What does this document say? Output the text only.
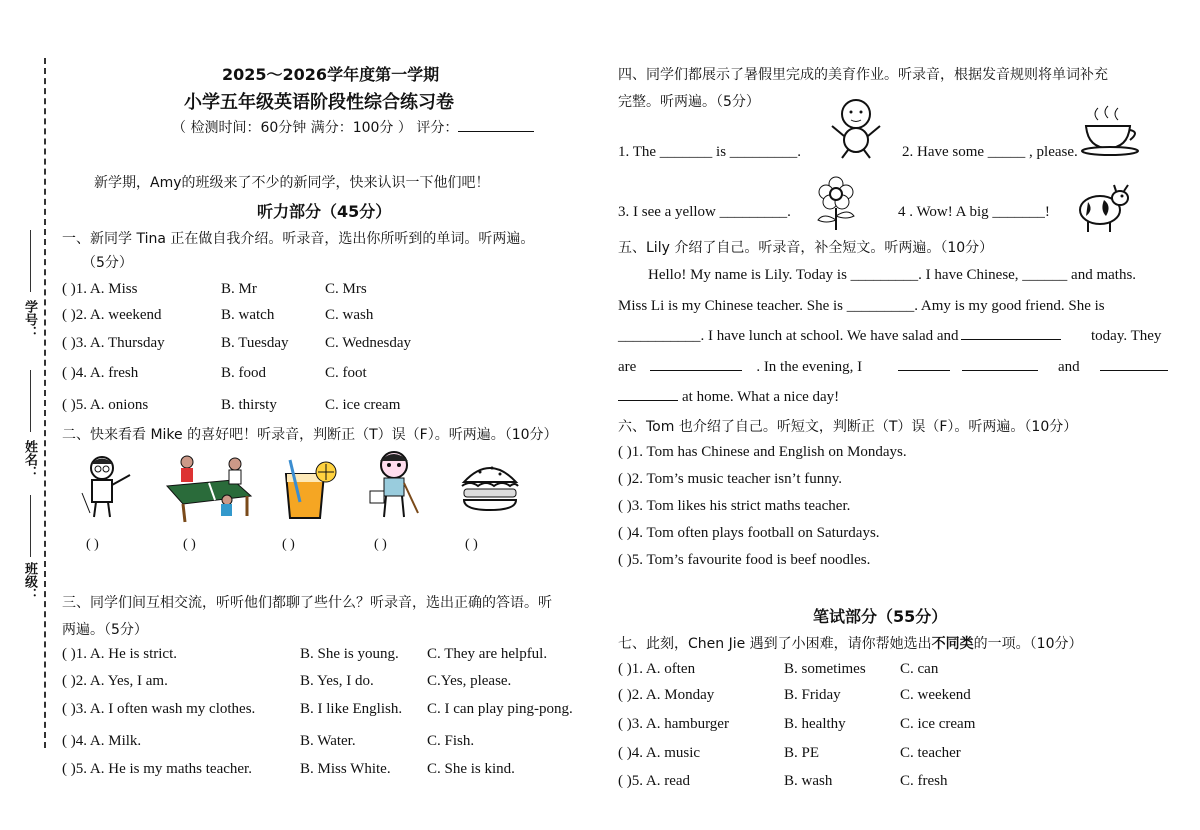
学号：
姓名：
班级：
2025～2026学年度第一学期
小学五年级英语阶段性综合练习卷
（ 检测时间：60分钟 满分：100分 ） 评分：
新学期，Amy的班级来了不少的新同学，快来认识一下他们吧！
听力部分（45分）
一、新同学 Tina 正在做自我介绍。听录音，选出你所听到的单词。听两遍。
（5分）
( )1. A. Miss	B. Mr	C. Mrs
( )2. A. weekend	B. watch	C. wash
( )3. A. Thursday	B. Tuesday C. Wednesday
( )4. A. fresh	B. food	C. foot
( )5. A. onions	B. thirsty	C. ice cream
二、快来看看 Mike 的喜好吧！听录音，判断正（T）误（F）。听两遍。（10分）
( )	( )	( )	( )	( )
三、同学们间互相交流，听听他们都聊了些什么？听录音，选出正确的答语。听
两遍。（5分）
( )1. A. He is strict.	B. She is young. C. They are helpful.
( )2. A. Yes, I am.	B. Yes, I do.	C.Yes, please.
( )3. A. I often wash my clothes.	B. I like English. C. I can play ping-pong.
( )4. A. Milk.	B. Water.	C. Fish.
( )5. A. He is my maths teacher.	B. Miss White. C. She is kind.
四、同学们都展示了暑假里完成的美育作业。听录音，根据发音规则将单词补充
完整。听两遍。（5分）
1. The _______ is _________.	2. Have some _____ , please.
3. I see a yellow _________.	4 . Wow! A big _______!
五、Lily 介绍了自己。听录音，补全短文。听两遍。（10分）
Hello! My name is Lily. Today is _________. I have Chinese, ______ and maths.
Miss Li is my Chinese teacher. She is _________. Amy is my good friend. She is
___________. I have lunch at school. We have salad and	today. They
are	. In the evening, I	and
at home. What a nice day!
六、Tom 也介绍了自己。听短文，判断正（T）误（F）。听两遍。（10分）
( )1. Tom has Chinese and English on Mondays.
( )2. Tom’s music teacher isn’t funny.
( )3. Tom likes his strict maths teacher.
( )4. Tom often plays football on Saturdays.
( )5. Tom’s favourite food is beef noodles.
笔试部分（55分）
七、此刻，Chen Jie 遇到了小困难，请你帮她选出不同类的一项。（10分）
( )1. A. often	B. sometimes C. can
( )2. A. Monday	B. Friday	C. weekend
( )3. A. hamburger	B. healthy	C. ice cream
( )4. A. music	B. PE	C. teacher
( )5. A. read	B. wash	C. fresh
